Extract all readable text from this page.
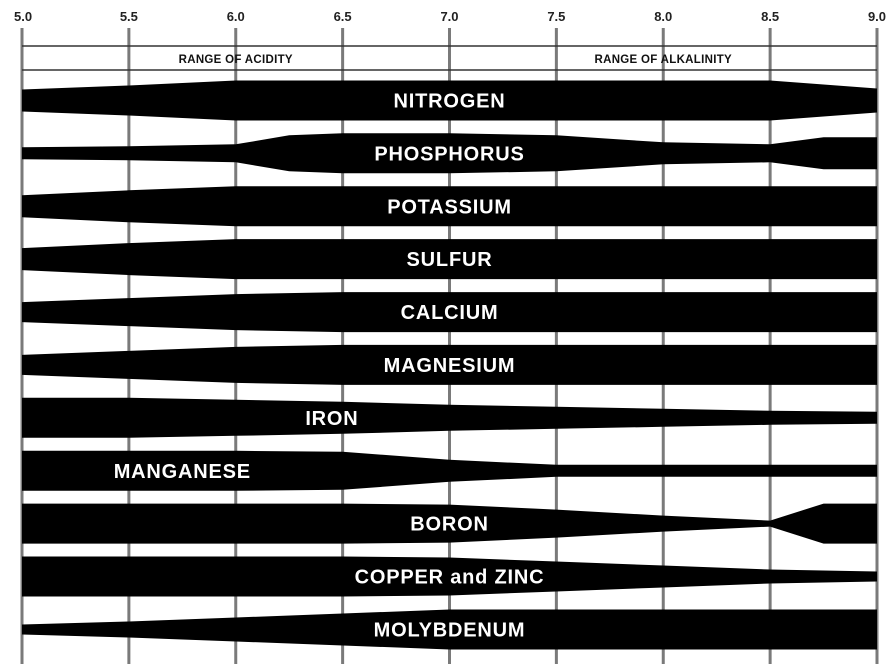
5.0	5.5	6.0	6.5	7.0	7.5	8.0	8.5	9.0
RANGE OF ACIDITY	RANGE OF ALKALINITY
NITROGEN
PHOSPHORUS
POTASSIUM
SULFUR
CALCIUM
MAGNESIUM
IRON
MANGANESE
BORON
COPPER and ZINC
MOLYBDENUM
